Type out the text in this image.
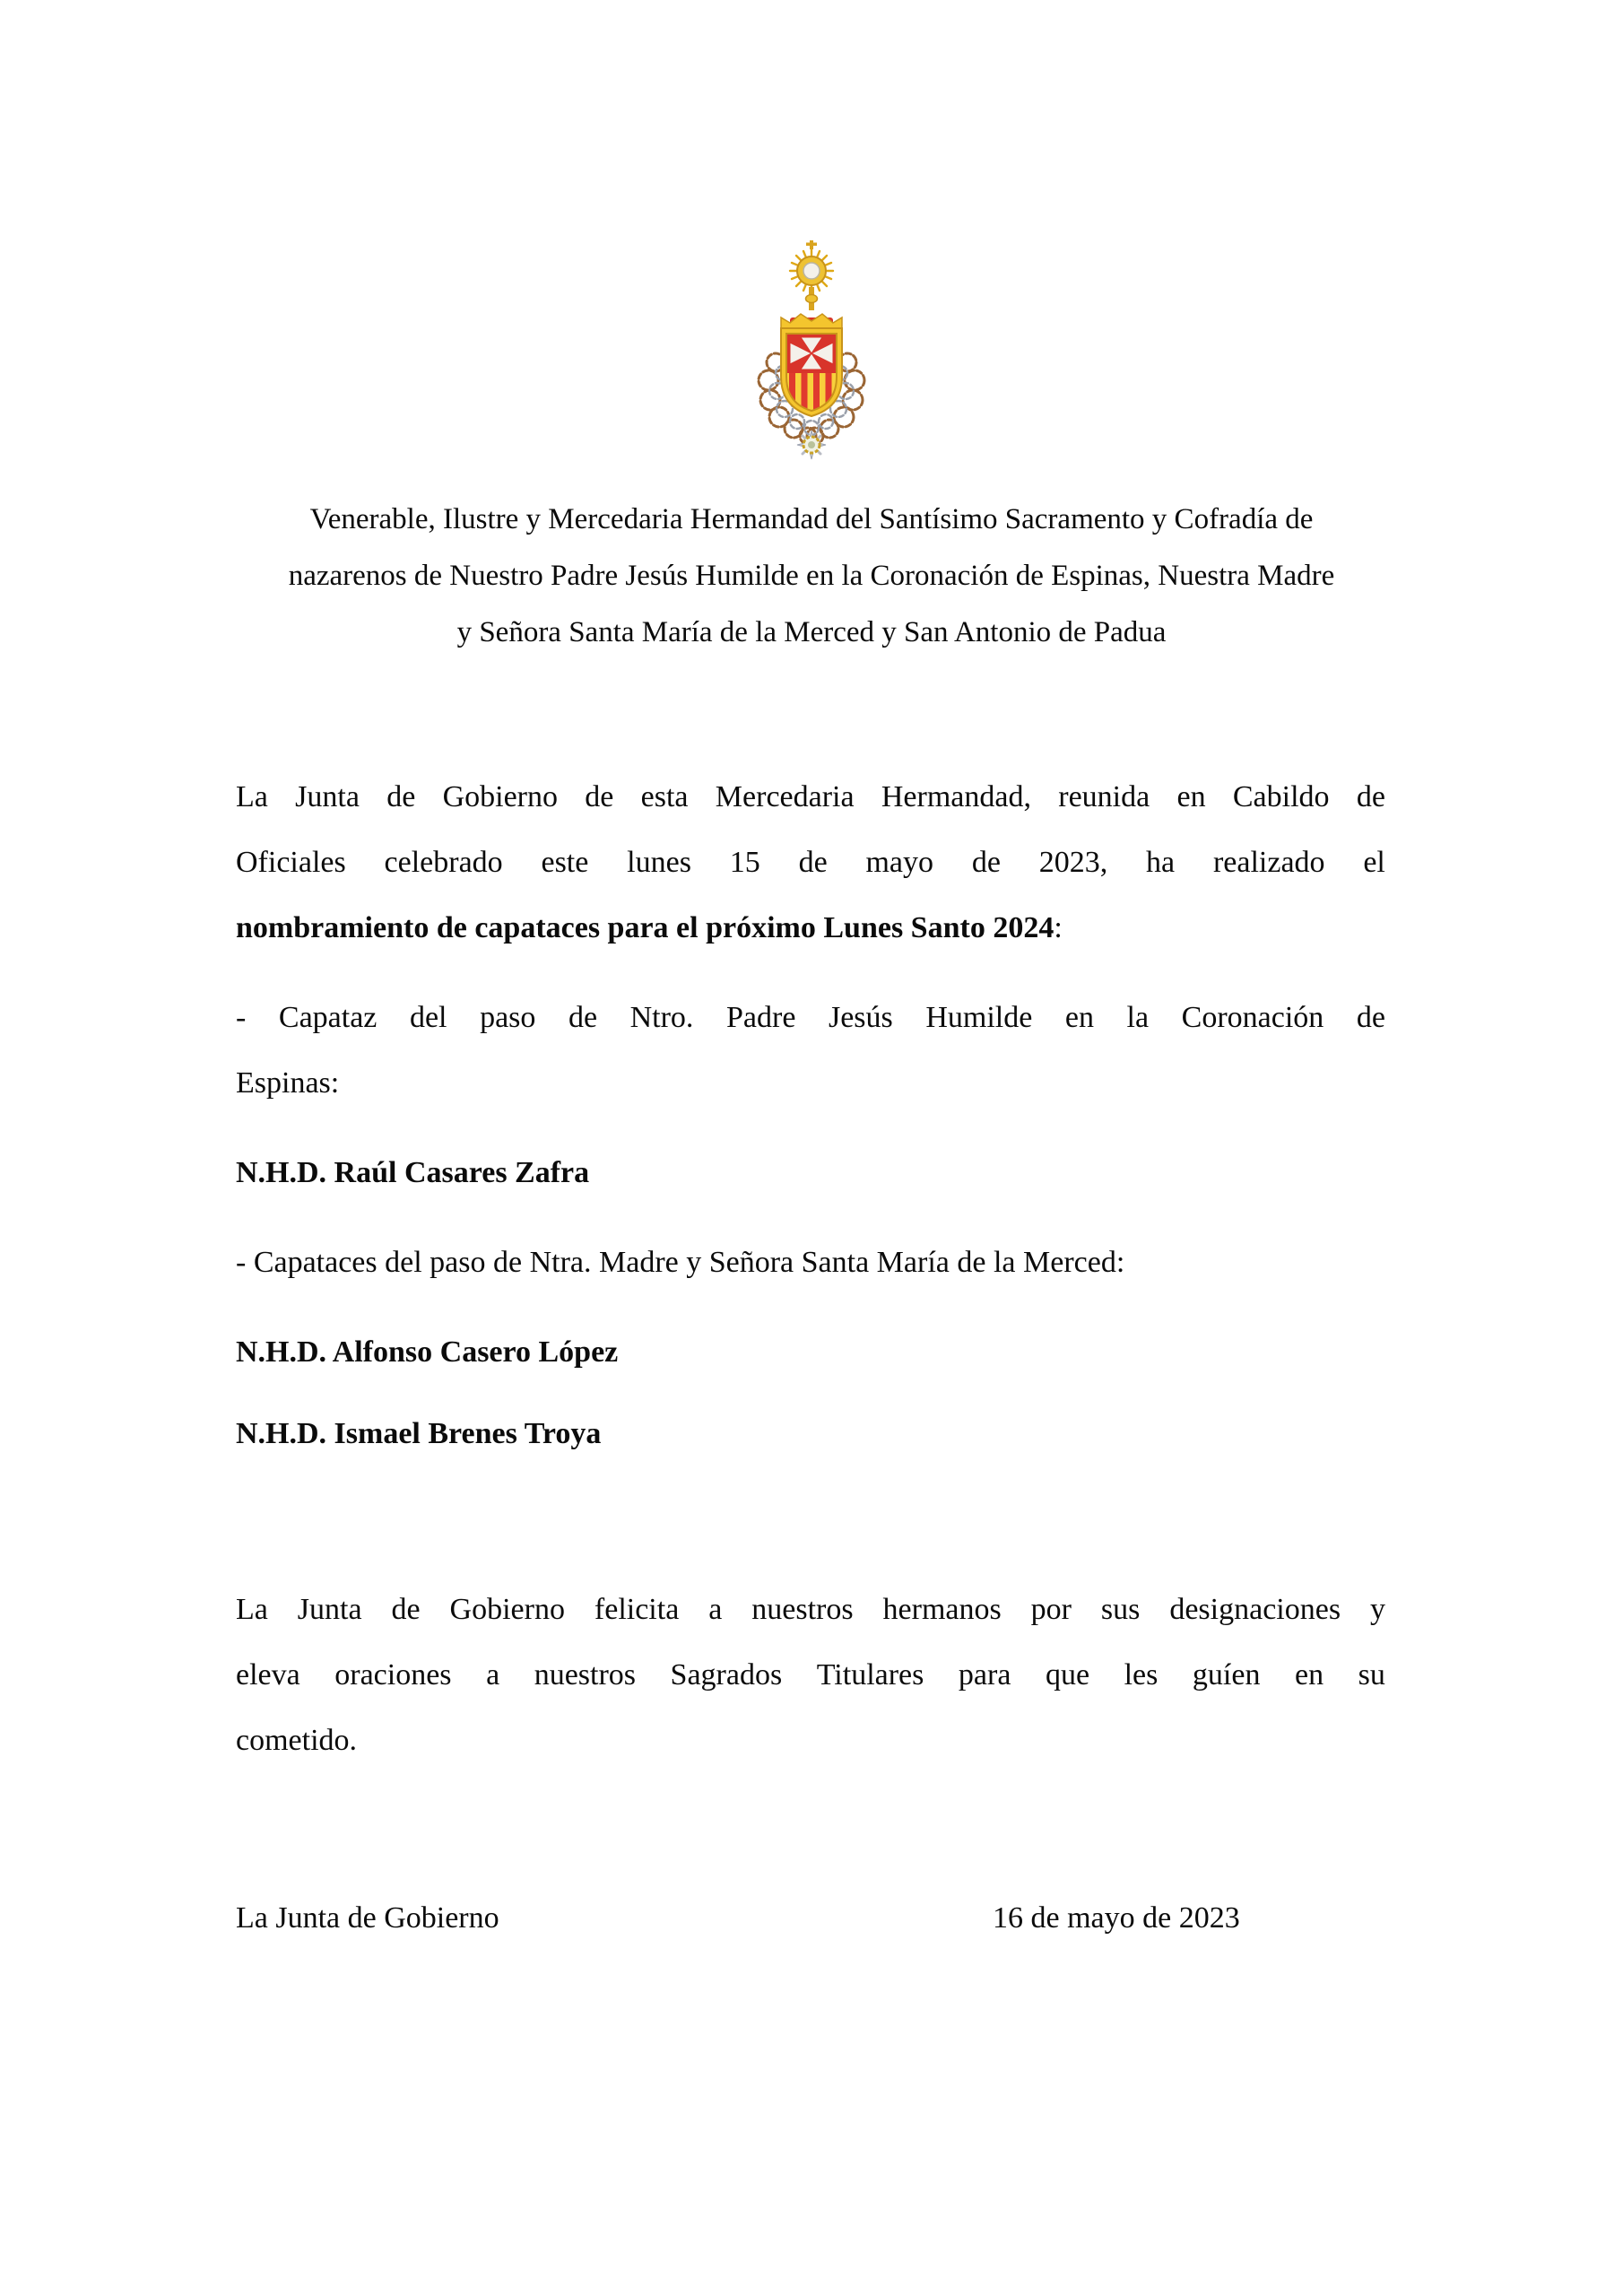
Venerable, Ilustre y Mercedaria Hermandad del Santísimo Sacramento y Cofradía de
nazarenos de Nuestro Padre Jesús Humilde en la Coronación de Espinas, Nuestra Madre
y Señora Santa María de la Merced y San Antonio de Padua
La Junta de Gobierno de esta Mercedaria Hermandad, reunida en Cabildo de
Oficiales celebrado este lunes 15 de mayo de 2023, ha realizado el
nombramiento de capataces para el próximo Lunes Santo 2024:
- Capataz del paso de Ntro. Padre Jesús Humilde en la Coronación de
Espinas:
N.H.D. Raúl Casares Zafra
- Capataces del paso de Ntra. Madre y Señora Santa María de la Merced:
N.H.D. Alfonso Casero López
N.H.D. Ismael Brenes Troya
La Junta de Gobierno felicita a nuestros hermanos por sus designaciones y
eleva oraciones a nuestros Sagrados Titulares para que les guíen en su
cometido.
La Junta de Gobierno	16 de mayo de 2023
